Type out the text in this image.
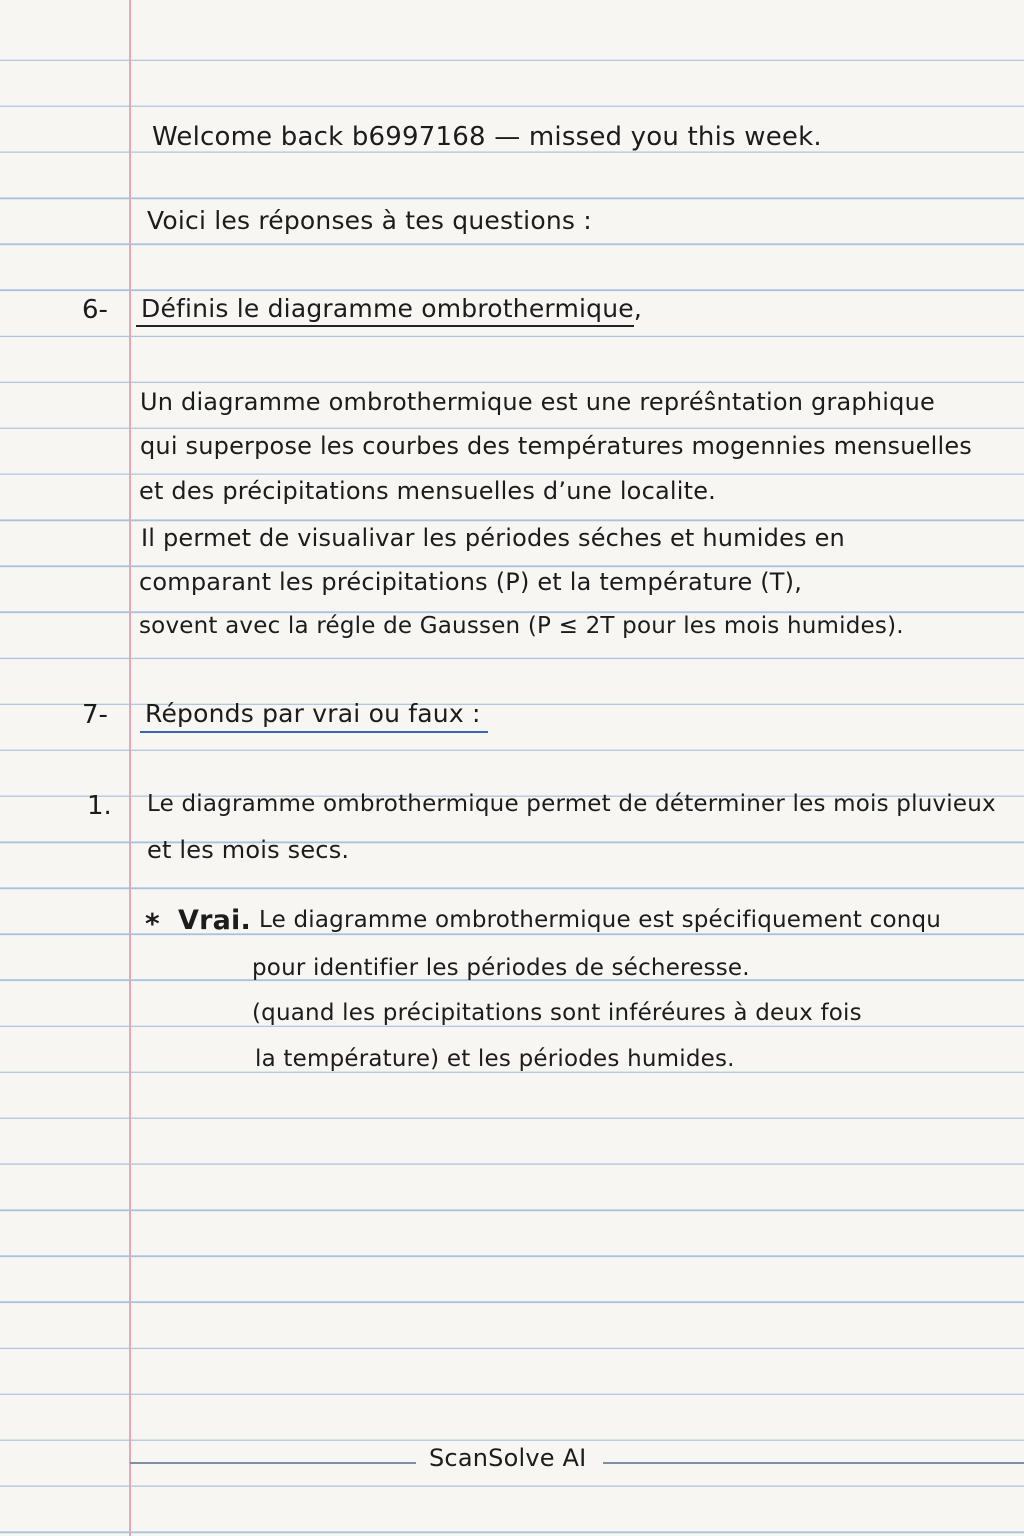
Welcome back b6997168 — missed you this week.
Voici les réponses à tes questions :
6- Définis le diagramme ombrothermique,
Un diagramme ombrothermique est une repréŝntation graphique
qui superpose les courbes des températures mogennies mensuelles
et des précipitations mensuelles d’une localite.
Il permet de visualivar les périodes séches et humides en
comparant les précipitations (P) et la température (T),
sovent avec la régle de Gaussen (P ≤ 2T pour les mois humides).
7- Réponds par vrai ou faux :
1. Le diagramme ombrothermique permet de déterminer les mois pluvieux
et les mois secs.
* Vrai. Le diagramme ombrothermique est spécifiquement conqu
pour identifier les périodes de sécheresse.
(quand les précipitations sont inféréures à deux fois
la température) et les périodes humides.
ScanSolve AI
